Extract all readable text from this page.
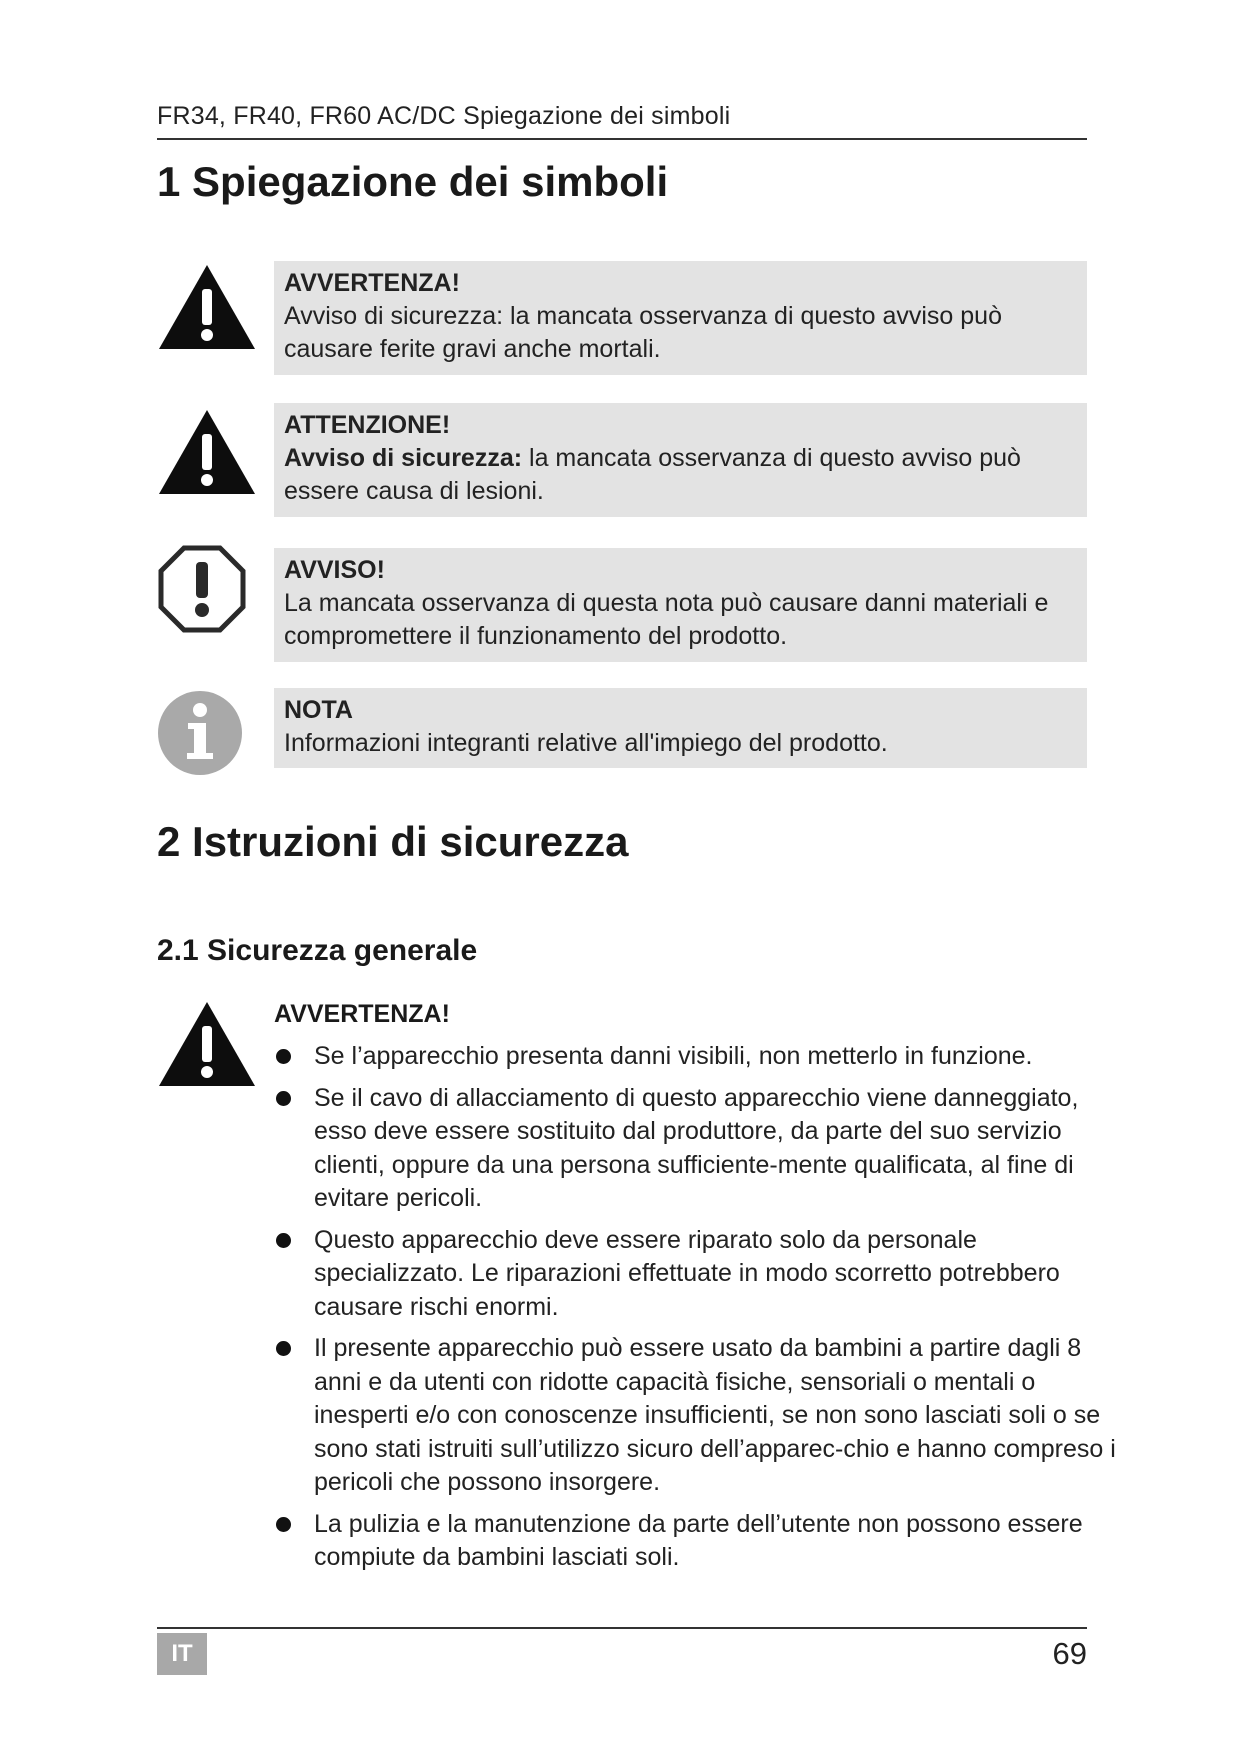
FR34, FR40, FR60 AC/DC Spiegazione dei simboli
1 Spiegazione dei simboli
AVVERTENZA!
Avviso di sicurezza: la mancata osservanza di questo avviso può causare ferite gravi anche mortali.
ATTENZIONE!
Avviso di sicurezza: la mancata osservanza di questo avviso può essere causa di lesioni.
AVVISO!
La mancata osservanza di questa nota può causare danni materiali e compromettere il funzionamento del prodotto.
NOTA
Informazioni integranti relative all'impiego del prodotto.
2 Istruzioni di sicurezza
2.1 Sicurezza generale
AVVERTENZA!
Se l’apparecchio presenta danni visibili, non metterlo in funzione.
Se il cavo di allacciamento di questo apparecchio viene danneggiato, esso deve essere sostituito dal produttore, da parte del suo servizio clienti, oppure da una persona sufficiente-mente qualificata, al fine di evitare pericoli.
Questo apparecchio deve essere riparato solo da personale specializzato. Le riparazioni effettuate in modo scorretto potrebbero causare rischi enormi.
Il presente apparecchio può essere usato da bambini a partire dagli 8 anni e da utenti con ridotte capacità fisiche, sensoriali o mentali o inesperti e/o con conoscenze insufficienti, se non sono lasciati soli o se sono stati istruiti sull’utilizzo sicuro dell’apparec-chio e hanno compreso i pericoli che possono insorgere.
La pulizia e la manutenzione da parte dell’utente non possono essere compiute da bambini lasciati soli.
IT	69
